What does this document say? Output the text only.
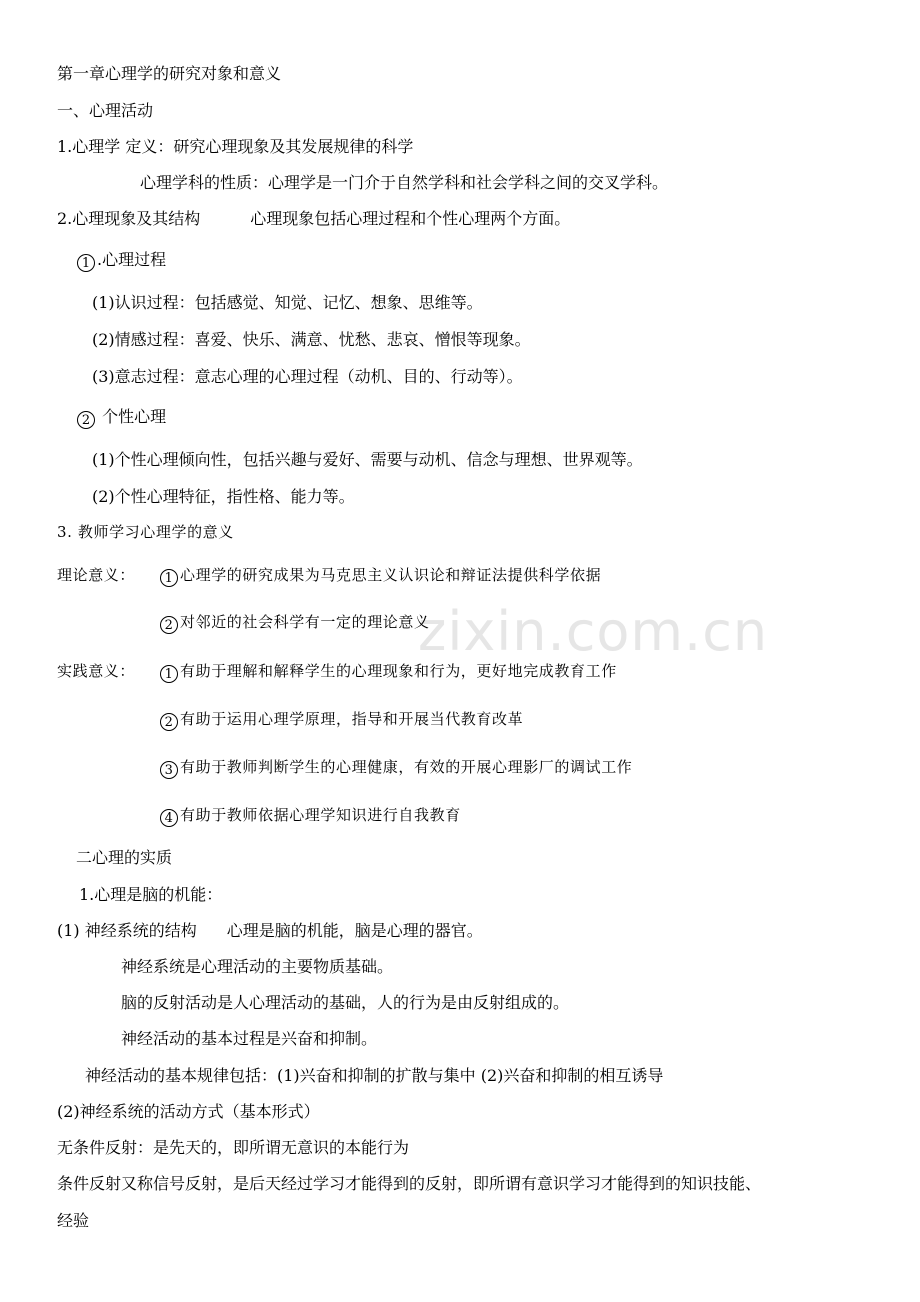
zixin.com.cn
第一章心理学的研究对象和意义
一、心理活动
1.心理学 定义：研究心理现象及其发展规律的科学
心理学科的性质：心理学是一门介于自然学科和社会学科之间的交叉学科。
2.心理现象及其结构	心理现象包括心理过程和个性心理两个方面。
1 .心理过程
(1)认识过程：包括感觉、知觉、记忆、想象、思维等。
(2)情感过程：喜爱、快乐、满意、忧愁、悲哀、憎恨等现象。
(3)意志过程：意志心理的心理过程（动机、目的、行动等）。
2 个性心理
(1)个性心理倾向性，包括兴趣与爱好、需要与动机、信念与理想、世界观等。
(2)个性心理特征，指性格、能力等。
3. 教师学习心理学的意义
理论意义：	1 心理学的研究成果为马克思主义认识论和辩证法提供科学依据
2 对邻近的社会科学有一定的理论意义
实践意义：	1 有助于理解和解释学生的心理现象和行为，更好地完成教育工作
2 有助于运用心理学原理，指导和开展当代教育改革
3 有助于教师判断学生的心理健康，有效的开展心理影厂的调试工作
4 有助于教师依据心理学知识进行自我教育
二心理的实质
1.心理是脑的机能：
(1) 神经系统的结构 心理是脑的机能，脑是心理的器官。
神经系统是心理活动的主要物质基础。
脑的反射活动是人心理活动的基础，人的行为是由反射组成的。
神经活动的基本过程是兴奋和抑制。
神经活动的基本规律包括：(1)兴奋和抑制的扩散与集中 (2)兴奋和抑制的相互诱导
(2)神经系统的活动方式（基本形式）
无条件反射：是先天的，即所谓无意识的本能行为
条件反射又称信号反射，是后天经过学习才能得到的反射，即所谓有意识学习才能得到的知识技能、
经验
